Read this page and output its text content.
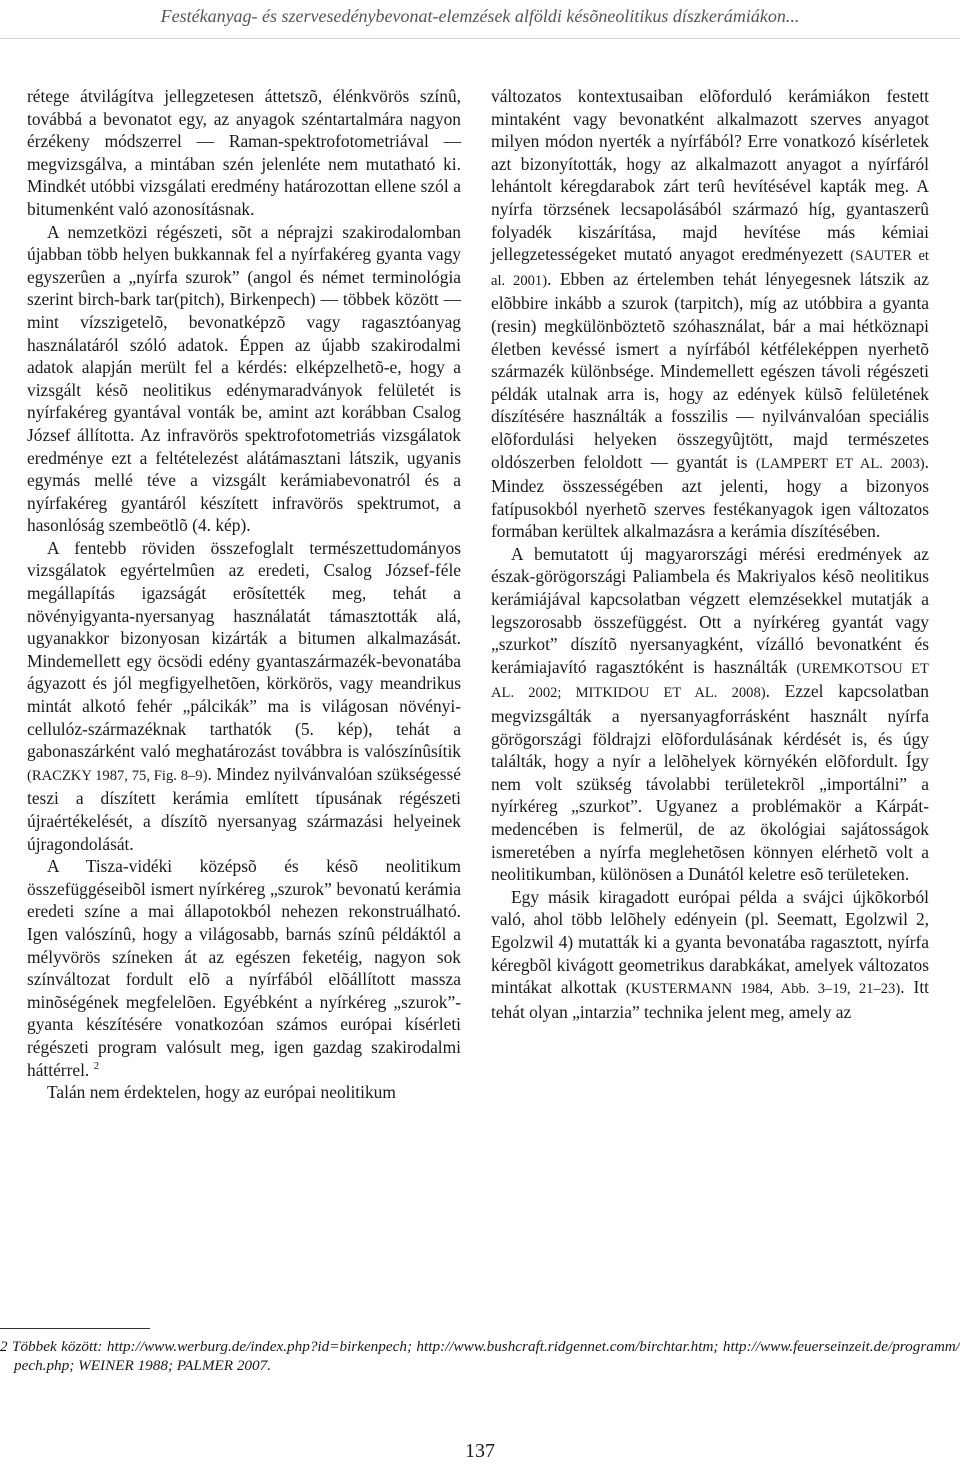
Festékanyag- és szervesedénybevonat-elemzések alföldi késõneolitikus díszkerámiákon...

rétege átvilágítva jellegzetesen áttetszõ, élénkvörös színû, továbbá a bevonatot egy, az anyagok széntartalmára nagyon érzékeny módszerrel — Raman-spektrofotometriával — megvizsgálva, a mintában szén jelenléte nem mutatható ki. Mindkét utóbbi vizsgálati eredmény határozottan ellene szól a bitumenként való azonosításnak.

A nemzetközi régészeti, sõt a néprajzi szakirodalomban újabban több helyen bukkannak fel a nyírfakéreg gyanta vagy egyszerûen a „nyírfa szurok” (angol és német terminológia szerint birch-bark tar(pitch), Birkenpech) — többek között — mint vízszigetelõ, bevonatképzõ vagy ragasztóanyag használatáról szóló adatok. Éppen az újabb szakirodalmi adatok alapján merült fel a kérdés: elképzelhetõ-e, hogy a vizsgált késõ neolitikus edénymaradványok felületét is nyírfakéreg gyantával vonták be, amint azt korábban Csalog József állította. Az infravörös spektrofotometriás vizsgálatok eredménye ezt a feltételezést alátámasztani látszik, ugyanis egymás mellé téve a vizsgált kerámiabevonatról és a nyírfakéreg gyantáról készített infravörös spektrumot, a hasonlóság szembeötlõ (4. kép).

A fentebb röviden összefoglalt természettudományos vizsgálatok egyértelmûen az eredeti, Csalog József-féle megállapítás igazságát erõsítették meg, tehát a növényigyanta-nyersanyag használatát támasztották alá, ugyanakkor bizonyosan kizárták a bitumen alkalmazását. Mindemellett egy öcsödi edény gyantaszármazék-bevonatába ágyazott és jól megfigyelhetõen, körkörös, vagy meandrikus mintát alkotó fehér „pálcikák” ma is világosan növényi-cellulóz-származéknak tarthatók (5. kép), tehát a gabonaszárként való meghatározást továbbra is valószínûsítik (RACZKY 1987, 75, Fig. 8–9). Mindez nyilvánvalóan szükségessé teszi a díszített kerámia említett típusának régészeti újraértékelését, a díszítõ nyersanyag származási helyeinek újragondolását.

A Tisza-vidéki középsõ és késõ neolitikum összefüggéseibõl ismert nyírkéreg „szurok” bevonatú kerámia eredeti színe a mai állapotokból nehezen rekonstruálható. Igen valószínû, hogy a világosabb, barnás színû példáktól a mélyvörös színeken át az egészen feketéig, nagyon sok színváltozat fordult elõ a nyírfából elõállított massza minõségének megfelelõen. Egyébként a nyírkéreg „szurok”-gyanta készítésére vonatkozóan számos európai kísérleti régészeti program valósult meg, igen gazdag szakirodalmi háttérrel. $^2$

Talán nem érdektelen, hogy az európai neolitikum

változatos kontextusaiban elõforduló kerámiákon festett mintaként vagy bevonatként alkalmazott szerves anyagot milyen módon nyerték a nyírfából? Erre vonatkozó kísérletek azt bizonyították, hogy az alkalmazott anyagot a nyírfáról lehántolt kéregdarabok zárt terû hevítésével kapták meg. A nyírfa törzsének lecsapolásából származó híg, gyantaszerû folyadék kiszárítása, majd hevítése más kémiai jellegzetességeket mutató anyagot eredményezett (SAUTER et al. 2001). Ebben az értelemben tehát lényegesnek látszik az elõbbire inkább a szurok (tarpitch), míg az utóbbira a gyanta (resin) megkülönböztetõ szóhasználat, bár a mai hétköznapi életben kevéssé ismert a nyírfából kétféleképpen nyerhetõ származék különbsége. Mindemellett egészen távoli régészeti példák utalnak arra is, hogy az edények külsõ felületének díszítésére használták a fosszilis — nyilvánvalóan speciális elõfordulási helyeken összegyûjtött, majd természetes oldószerben feloldott — gyantát is (LAMPERT ET AL. 2003). Mindez összességében azt jelenti, hogy a bizonyos fatípusokból nyerhetõ szerves festékanyagok igen változatos formában kerültek alkalmazásra a kerámia díszítésében.

A bemutatott új magyarországi mérési eredmények az észak-görögországi Paliambela és Makriyalos késõ neolitikus kerámiájával kapcsolatban végzett elemzésekkel mutatják a legszorosabb összefüggést. Ott a nyírkéreg gyantát vagy „szurkot” díszítõ nyersanyagként, vízálló bevonatként és kerámiajavító ragasztóként is használták (UREMKOTSOU ET AL. 2002; MITKIDOU ET AL. 2008). Ezzel kapcsolatban megvizsgálták a nyersanyagforrásként használt nyírfa görögországi földrajzi elõfordulásának kérdését is, és úgy találták, hogy a nyír a lelõhelyek környékén elõfordult. Így nem volt szükség távolabbi területekrõl „importálni” a nyírkéreg „szurkot”. Ugyanez a problémakör a Kárpát-medencében is felmerül, de az ökológiai sajátosságok ismeretében a nyírfa meglehetõsen könnyen elérhetõ volt a neolitikumban, különösen a Dunától keletre esõ területeken.

Egy másik kiragadott európai példa a svájci újkõkorból való, ahol több lelõhely edényein (pl. Seematt, Egolzwil 2, Egolzwil 4) mutatták ki a gyanta bevonatába ragasztott, nyírfa kéregbõl kivágott geometrikus darabkákat, amelyek változatos mintákat alkottak (KUSTERMANN 1984, Abb. 3–19, 21–23). Itt tehát olyan „intarzia” technika jelent meg, amely az

2 Többek között: http://www.werburg.de/index.php?id=birkenpech; http://www.bushcraft.ridgennet.com/birchtar.htm; http://www.feuerseinzeit.de/programm/pech.php; WEINER 1988; PALMER 2007.
137
